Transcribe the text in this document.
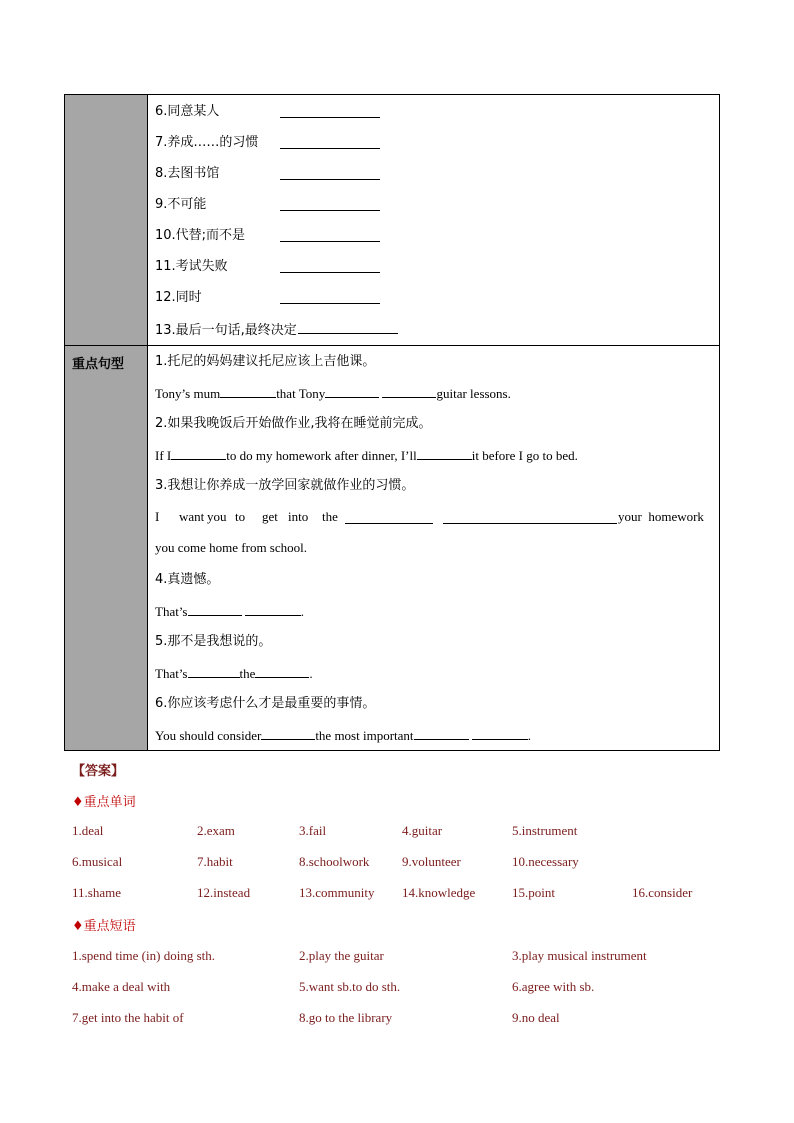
重点句型
6.同意某人
7.养成……的习惯
8.去图书馆
9.不可能
10.代替;而不是
11.考试失败
12.同时
13.最后一句话,最终决定
1.托尼的妈妈建议托尼应该上吉他课。
Tony’s mum	that Tony	guitar lessons.
2.如果我晚饭后开始做作业,我将在睡觉前完成。
If I	to do my homework after dinner, I’ll	it before I go to bed.
3.我想让你养成一放学回家就做作业的习惯。
I want you to get into the	your  homework
you come home from school.
4.真遗憾。
That’s	.
5.那不是我想说的。
That’s	the	.
6.你应该考虑什么才是最重要的事情。
You should consider	the most important	.
【答案】
♦重点单词
1.deal	2.exam	3.fail	4.guitar	5.instrument
6.musical	7.habit	8.schoolwork	9.volunteer	10.necessary
11.shame	12.instead	13.community 14.knowledge	15.point	16.consider
♦重点短语
1.spend time (in) doing sth.	2.play the guitar	3.play musical instrument
4.make a deal with	5.want sb.to do sth.	6.agree with sb.
7.get into the habit of	8.go to the library	9.no deal
